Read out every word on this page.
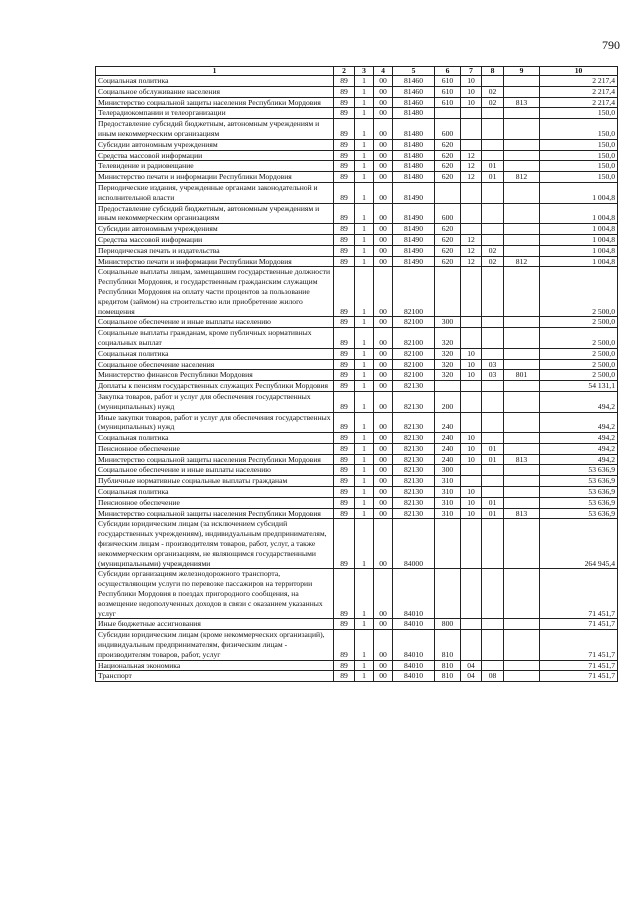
790
1	2	3	4	5	6	7	8	9	10
Социальная политика	89	1	00	81460	610	10			2 217,4
Социальное обслуживание населения	89	1	00	81460	610	10	02		2 217,4
Министерство социальной защиты населения Республики Мордовия	89	1	00	81460	610	10	02	813	2 217,4
Телерадиокомпании и телеорганизации	89	1	00	81480					150,0
Предоставление субсидий бюджетным, автономным учреждениям и иным некоммерческим организациям	89	1	00	81480	600				150,0
Субсидии автономным учреждениям	89	1	00	81480	620				150,0
Средства массовой информации	89	1	00	81480	620	12			150,0
Телевидение и радиовещание	89	1	00	81480	620	12	01		150,0
Министерство печати и информации Республики Мордовия	89	1	00	81480	620	12	01	812	150,0
Периодические издания, учрежденные органами законодательной и исполнительной власти	89	1	00	81490					1 004,8
Предоставление субсидий бюджетным, автономным учреждениям и иным некоммерческим организациям	89	1	00	81490	600				1 004,8
Субсидии автономным учреждениям	89	1	00	81490	620				1 004,8
Средства массовой информации	89	1	00	81490	620	12			1 004,8
Периодическая печать и издательства	89	1	00	81490	620	12	02		1 004,8
Министерство печати и информации Республики Мордовия	89	1	00	81490	620	12	02	812	1 004,8
Социальные выплаты лицам, замещавшим государственные должности Республики Мордовия, и государственным гражданским служащим Республики Мордовия на оплату части процентов за пользование кредитом (займом) на строительство или приобретение жилого помещения	89	1	00	82100					2 500,0
Социальное обеспечение и иные выплаты населению	89	1	00	82100	300				2 500,0
Социальные выплаты гражданам, кроме публичных нормативных социальных выплат	89	1	00	82100	320				2 500,0
Социальная политика	89	1	00	82100	320	10			2 500,0
Социальное обеспечение населения	89	1	00	82100	320	10	03		2 500,0
Министерство финансов Республики Мордовия	89	1	00	82100	320	10	03	801	2 500,0
Доплаты к пенсиям государственных служащих Республики Мордовия	89	1	00	82130					54 131,1
Закупка товаров, работ и услуг для обеспечения государственных (муниципальных) нужд	89	1	00	82130	200				494,2
Иные закупки товаров, работ и услуг для обеспечения государственных (муниципальных) нужд	89	1	00	82130	240				494,2
Социальная политика	89	1	00	82130	240	10			494,2
Пенсионное обеспечение	89	1	00	82130	240	10	01		494,2
Министерство социальной защиты населения Республики Мордовия	89	1	00	82130	240	10	01	813	494,2
Социальное обеспечение и иные выплаты населению	89	1	00	82130	300				53 636,9
Публичные нормативные социальные выплаты гражданам	89	1	00	82130	310				53 636,9
Социальная политика	89	1	00	82130	310	10			53 636,9
Пенсионное обеспечение	89	1	00	82130	310	10	01		53 636,9
Министерство социальной защиты населения Республики Мордовия	89	1	00	82130	310	10	01	813	53 636,9
Субсидии юридическим лицам (за исключением субсидий государственных учреждениям), индивидуальным предпринимателям, физическим лицам - производителям товаров, работ, услуг, а также некоммерческим организациям, не являющимся государственными (муниципальными) учреждениями	89	1	00	84000					264 945,4
Субсидии организациям железнодорожного транспорта, осуществляющим услуги по перевозке пассажиров на территории Республики Мордовия в поездах пригородного сообщения, на возмещение недополученных доходов в связи с оказанием указанных услуг	89	1	00	84010					71 451,7
Иные бюджетные ассигнования	89	1	00	84010	800				71 451,7
Субсидии юридическим лицам (кроме некоммерческих организаций), индивидуальным предпринимателям, физическим лицам - производителям товаров, работ, услуг	89	1	00	84010	810				71 451,7
Национальная экономика	89	1	00	84010	810	04			71 451,7
Транспорт	89	1	00	84010	810	04	08		71 451,7
